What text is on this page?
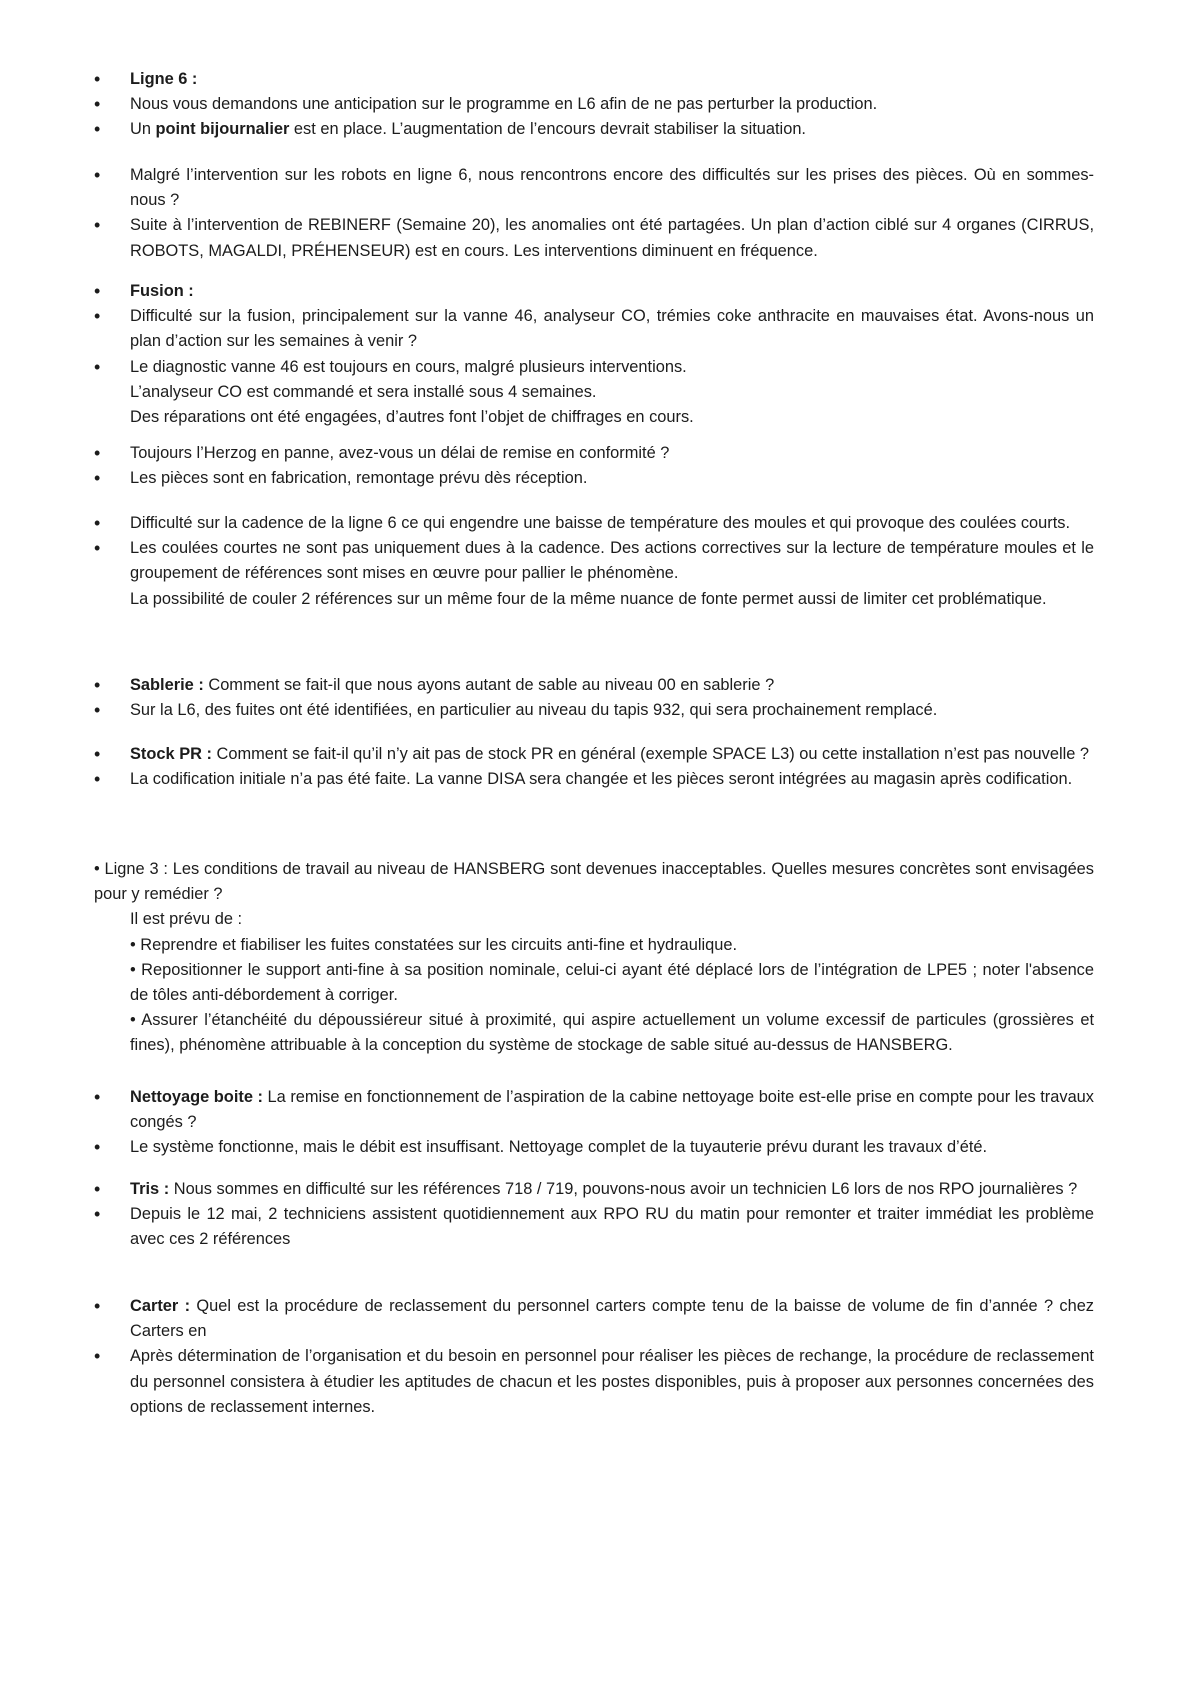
• Ligne 6 :
• Nous vous demandons une anticipation sur le programme en L6 afin de ne pas perturber la production.
• Un point bijournalier est en place. L’augmentation de l’encours devrait stabiliser la situation.
• Malgré l’intervention sur les robots en ligne 6, nous rencontrons encore des difficultés sur les prises des pièces. Où en sommes-nous ?
• Suite à l’intervention de REBINERF (Semaine 20), les anomalies ont été partagées. Un plan d’action ciblé sur 4 organes (CIRRUS, ROBOTS, MAGALDI, PRÉHENSEUR) est en cours. Les interventions diminuent en fréquence.
• Fusion :
• Difficulté sur la fusion, principalement sur la vanne 46, analyseur CO, trémies coke anthracite en mauvaises état. Avons-nous un plan d’action sur les semaines à venir ?
• Le diagnostic vanne 46 est toujours en cours, malgré plusieurs interventions.
L’analyseur CO est commandé et sera installé sous 4 semaines.
Des réparations ont été engagées, d’autres font l’objet de chiffrages en cours.
• Toujours l’Herzog en panne, avez-vous un délai de remise en conformité ?
• Les pièces sont en fabrication, remontage prévu dès réception.
• Difficulté sur la cadence de la ligne 6 ce qui engendre une baisse de température des moules et qui provoque des coulées courts.
• Les coulées courtes ne sont pas uniquement dues à la cadence. Des actions correctives sur la lecture de température moules et le groupement de références sont mises en œuvre pour pallier le phénomène.
La possibilité de couler 2 références sur un même four de la même nuance de fonte permet aussi de limiter cet problématique.
• Sablerie : Comment se fait-il que nous ayons autant de sable au niveau 00 en sablerie ?
• Sur la L6, des fuites ont été identifiées, en particulier au niveau du tapis 932, qui sera prochainement remplacé.
• Stock PR : Comment se fait-il qu’il n’y ait pas de stock PR en général (exemple SPACE L3) ou cette installation n’est pas nouvelle ?
• La codification initiale n’a pas été faite. La vanne DISA sera changée et les pièces seront intégrées au magasin après codification.
• Ligne 3 : Les conditions de travail au niveau de HANSBERG sont devenues inacceptables. Quelles mesures concrètes sont envisagées pour y remédier ?
Il est prévu de :
• Reprendre et fiabiliser les fuites constatées sur les circuits anti-fine et hydraulique.
• Repositionner le support anti-fine à sa position nominale, celui-ci ayant été déplacé lors de l’intégration de LPE5 ; noter l'absence de tôles anti-débordement à corriger.
• Assurer l’étanchéité du dépoussiéreur situé à proximité, qui aspire actuellement un volume excessif de particules (grossières et fines), phénomène attribuable à la conception du système de stockage de sable situé au-dessus de HANSBERG.
• Nettoyage boite : La remise en fonctionnement de l’aspiration de la cabine nettoyage boite est-elle prise en compte pour les travaux congés ?
• Le système fonctionne, mais le débit est insuffisant. Nettoyage complet de la tuyauterie prévu durant les travaux d’été.
• Tris : Nous sommes en difficulté sur les références 718 / 719, pouvons-nous avoir un technicien L6 lors de nos RPO journalières ?
• Depuis le 12 mai, 2 techniciens assistent quotidiennement aux RPO RU du matin pour remonter et traiter immédiat les problème avec ces 2 références
• Carter : Quel est la procédure de reclassement du personnel carters compte tenu de la baisse de volume de fin d’année ? chez Carters en
• Après détermination de l’organisation et du besoin en personnel pour réaliser les pièces de rechange, la procédure de reclassement du personnel consistera à étudier les aptitudes de chacun et les postes disponibles, puis à proposer aux personnes concernées des options de reclassement internes.
